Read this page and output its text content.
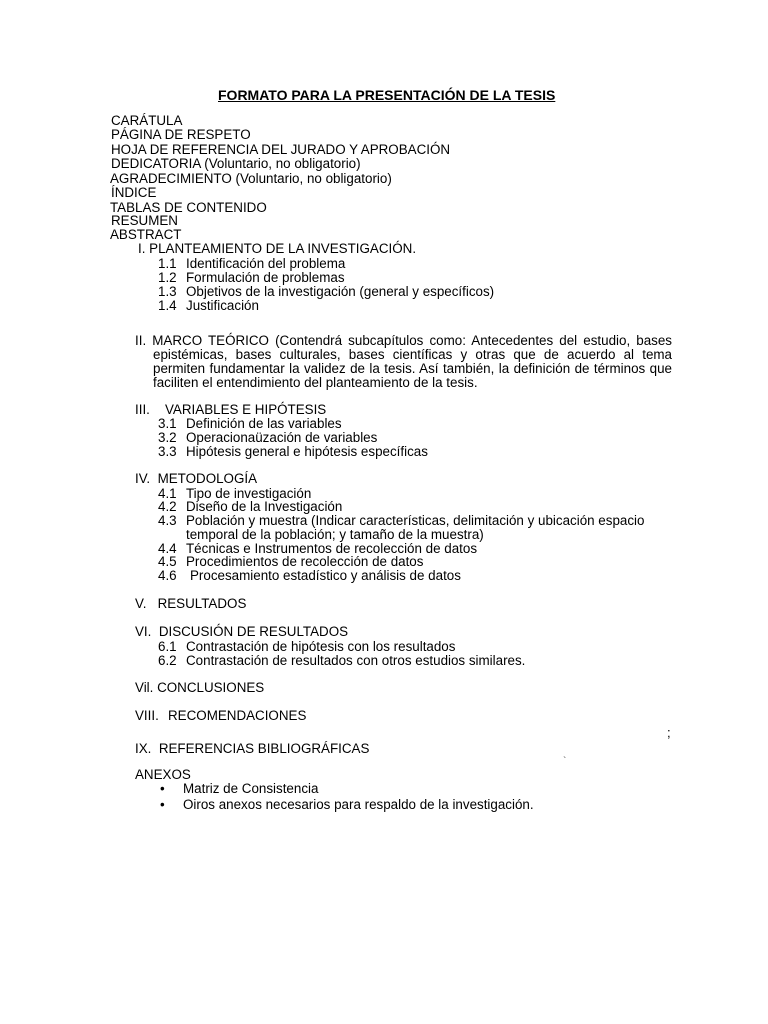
FORMATO PARA LA PRESENTACIÓN DE LA TESIS
CARÁTULA
PÁGINA DE RESPETO
HOJA DE REFERENCIA DEL JURADO Y APROBACIÓN
DEDICATORIA (Voluntario, no obligatorio)
AGRADECIMIENTO (Voluntario, no obligatorio)
ÍNDICE
TABLAS DE CONTENIDO
RESUMEN
ABSTRACT
I. PLANTEAMIENTO DE LA INVESTIGACIÓN.
1.1 Identificación del problema
1.2 Formulación de problemas
1.3 Objetivos de la investigación (general y específicos)
1.4 Justificación
II. MARCO TEÓRICO (Contendrá subcapítulos como: Antecedentes del estudio, bases
epistémicas, bases culturales, bases científicas y otras que de acuerdo al tema
permiten fundamentar la validez de la tesis. Así también, la definición de términos que
faciliten el entendimiento del planteamiento de la tesis.
III. VARIABLES E HIPÓTESIS
3.1 Definición de las variables
3.2 Operacionaüzación de variables
3.3 Hipótesis general e hipótesis específicas
IV.  METODOLOGÍA
4.1 Tipo de investigación
4.2 Diseño de la Investigación
4.3 Población y muestra (Indicar características, delimitación y ubicación espacio
temporal de la población; y tamaño de la muestra)
4.4 Técnicas e Instrumentos de recolección de datos
4.5 Procedimientos de recolección de datos
4.6 Procesamiento estadístico y análisis de datos
V.   RESULTADOS
VI.  DISCUSIÓN DE RESULTADOS
6.1 Contrastación de hipótesis con los resultados
6.2 Contrastación de resultados con otros estudios similares.
Vil. CONCLUSIONES
VIII. RECOMENDACIONES
;
IX.  REFERENCIAS BIBLIOGRÁFICAS
`
ANEXOS
• Matriz de Consistencia
• Oiros anexos necesarios para respaldo de la investigación.
